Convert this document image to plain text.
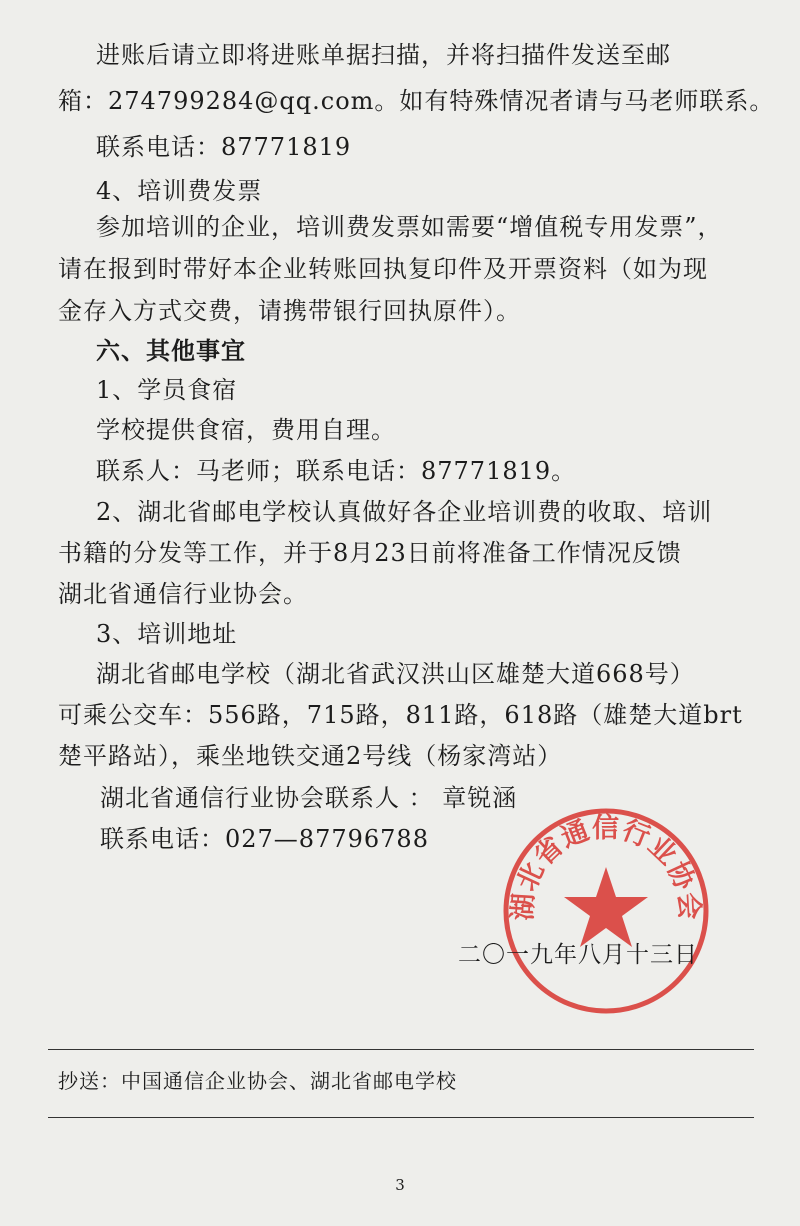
进账后请立即将进账单据扫描，并将扫描件发送至邮
箱：274799284@qq.com。如有特殊情况者请与马老师联系。
联系电话：87771819
4、培训费发票
参加培训的企业，培训费发票如需要“增值税专用发票”，
请在报到时带好本企业转账回执复印件及开票资料（如为现
金存入方式交费，请携带银行回执原件）。
六、其他事宜
1、学员食宿
学校提供食宿，费用自理。
联系人：马老师；联系电话：87771819。
2、湖北省邮电学校认真做好各企业培训费的收取、培训
书籍的分发等工作，并于8月23日前将准备工作情况反馈
湖北省通信行业协会。
3、培训地址
湖北省邮电学校（湖北省武汉洪山区雄楚大道668号）
可乘公交车：556路，715路，811路，618路（雄楚大道brt
楚平路站），乘坐地铁交通2号线（杨家湾站）
湖北省通信行业协会联系人 ： 章锐涵
联系电话：027—87796788
湖北省通信行业协会
二〇一九年八月十三日
抄送：中国通信企业协会、湖北省邮电学校
3
